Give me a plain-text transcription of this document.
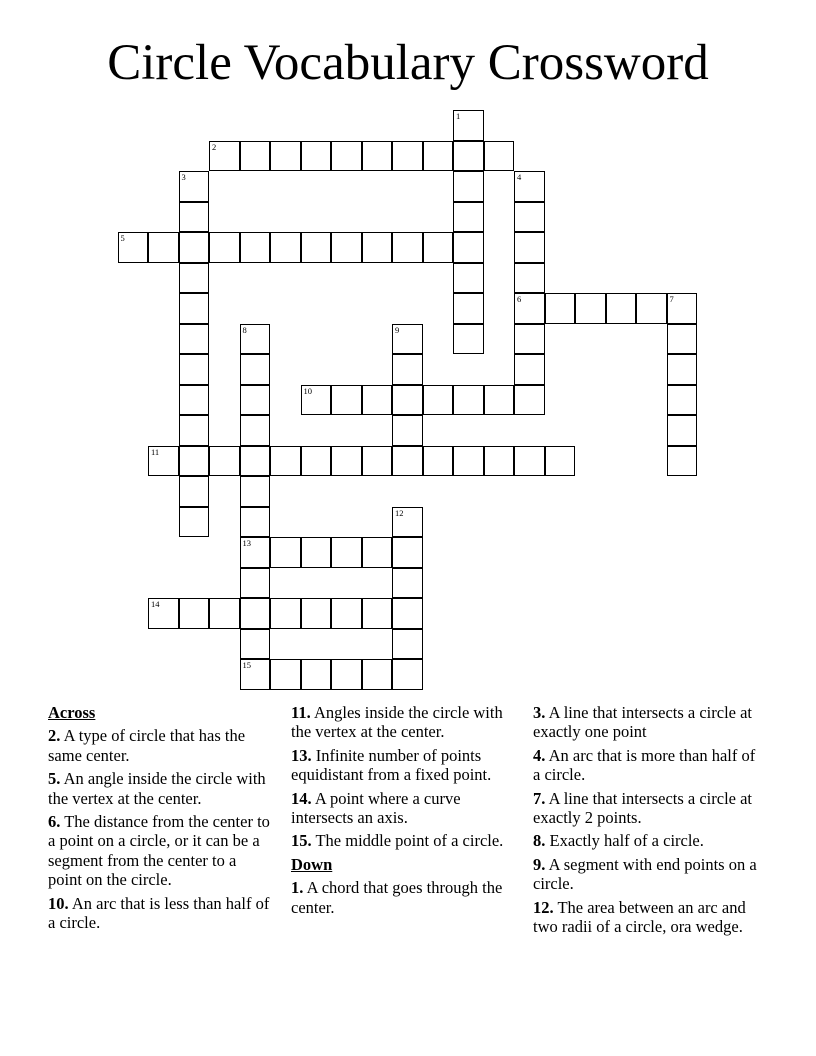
Circle Vocabulary Crossword
1
2
3	4
6
5
7
8
13
15
9
10
11
12
14
Across
2. A type of circle that has the same center.
5. An angle inside the circle with the vertex at the center.
6. The distance from the center to a point on a circle, or it can be a segment from the center to a point on the circle.
10. An arc that is less than half of a circle.
11. Angles inside the circle with the vertex at the center.
13. Infinite number of points equidistant from a fixed point.
14. A point where a curve intersects an axis.
15. The middle point of a circle.
Down
1. A chord that goes through the center.
3. A line that intersects a circle at exactly one point
4. An arc that is more than half of a circle.
7. A line that intersects a circle at exactly 2 points.
8. Exactly half of a circle.
9. A segment with end points on a circle.
12. The area between an arc and two radii of a circle, ora wedge.
